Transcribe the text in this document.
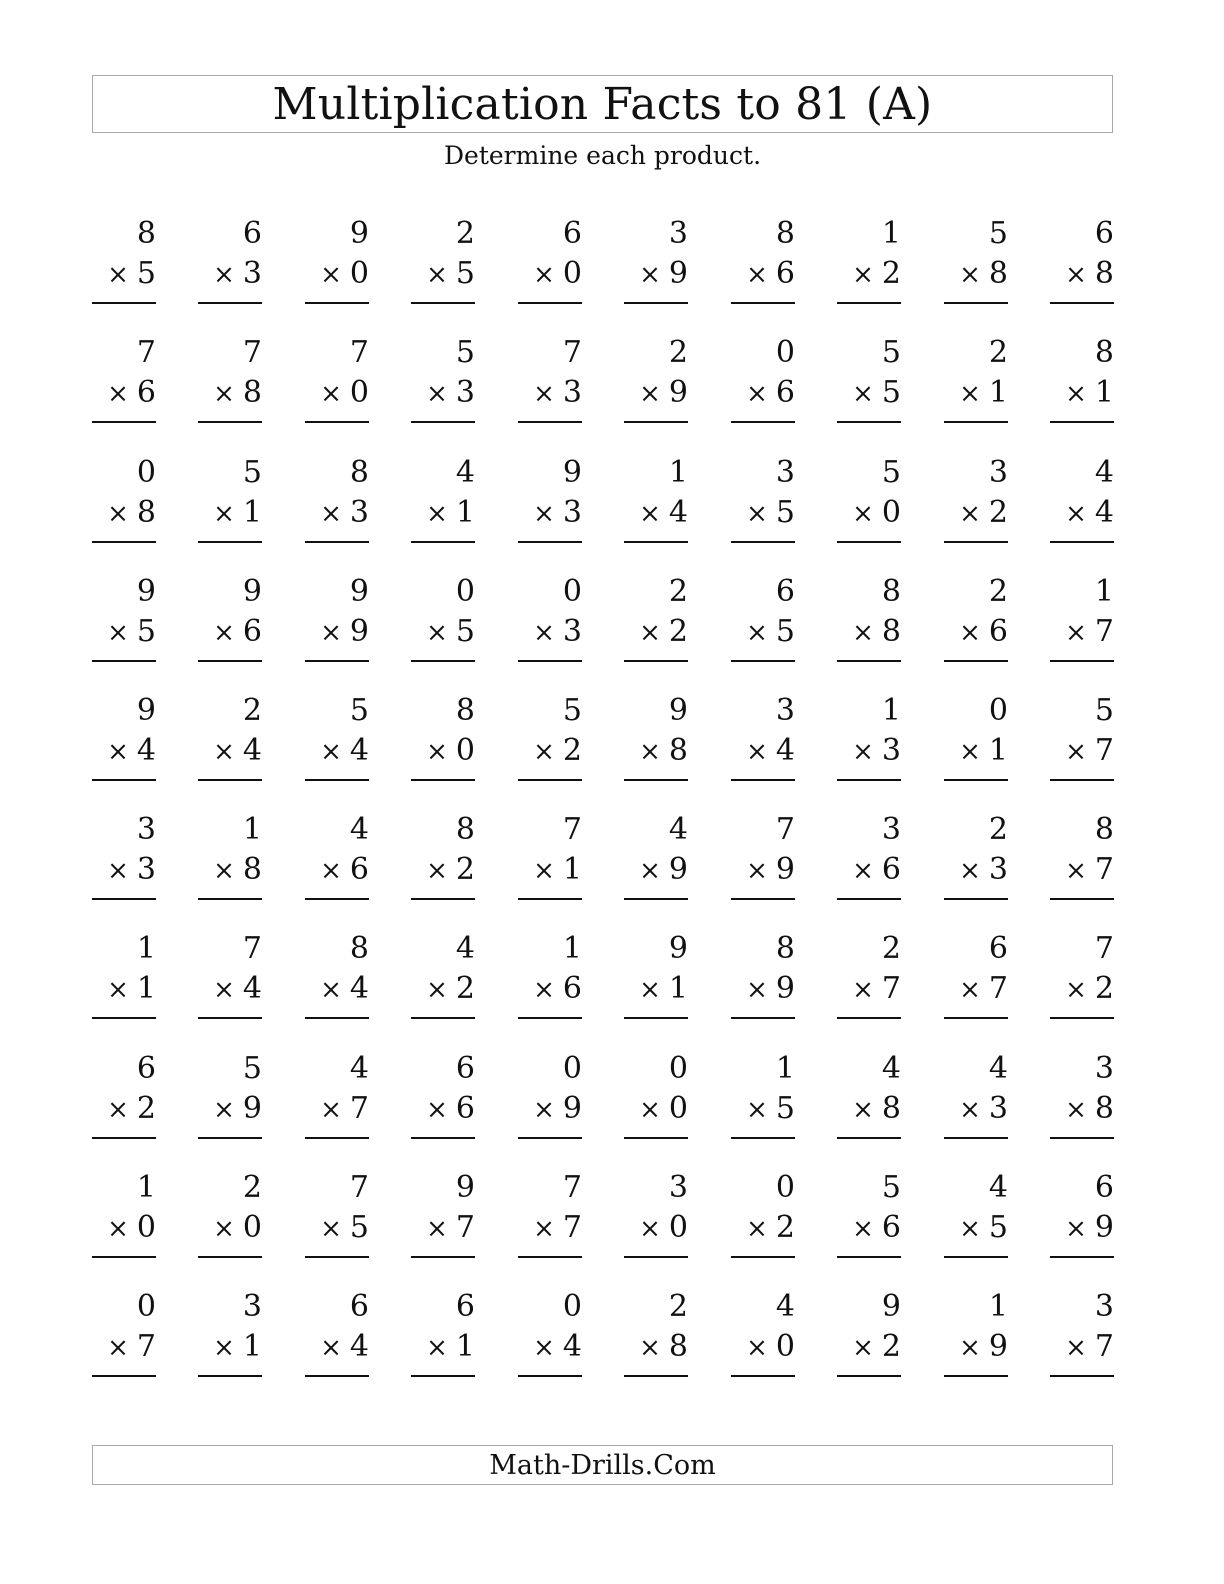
Multiplication Facts to 81 (A)
Determine each product.
8
× 5
6
× 3
9
× 0
2
× 5
6
× 0
3
× 9
8
× 6
1
× 2
5
× 8
6
× 8
7
× 6
7
× 8
7
× 0
5
× 3
7
× 3
2
× 9
0
× 6
5
× 5
2
× 1
8
× 1
0
× 8
5
× 1
8
× 3
4
× 1
9
× 3
1
× 4
3
× 5
5
× 0
3
× 2
4
× 4
9
× 5
9
× 6
9
× 9
0
× 5
0
× 3
2
× 2
6
× 5
8
× 8
2
× 6
1
× 7
9
× 4
2
× 4
5
× 4
8
× 0
5
× 2
9
× 8
3
× 4
1
× 3
0
× 1
5
× 7
3
× 3
1
× 8
4
× 6
8
× 2
7
× 1
4
× 9
7
× 9
3
× 6
2
× 3
8
× 7
1
× 1
7
× 4
8
× 4
4
× 2
1
× 6
9
× 1
8
× 9
2
× 7
6
× 7
7
× 2
6
× 2
5
× 9
4
× 7
6
× 6
0
× 9
0
× 0
1
× 5
4
× 8
4
× 3
3
× 8
1
× 0
2
× 0
7
× 5
9
× 7
7
× 7
3
× 0
0
× 2
5
× 6
4
× 5
6
× 9
0
× 7
3
× 1
6
× 4
6
× 1
0
× 4
2
× 8
4
× 0
9
× 2
1
× 9
3
× 7
Math-Drills.Com
